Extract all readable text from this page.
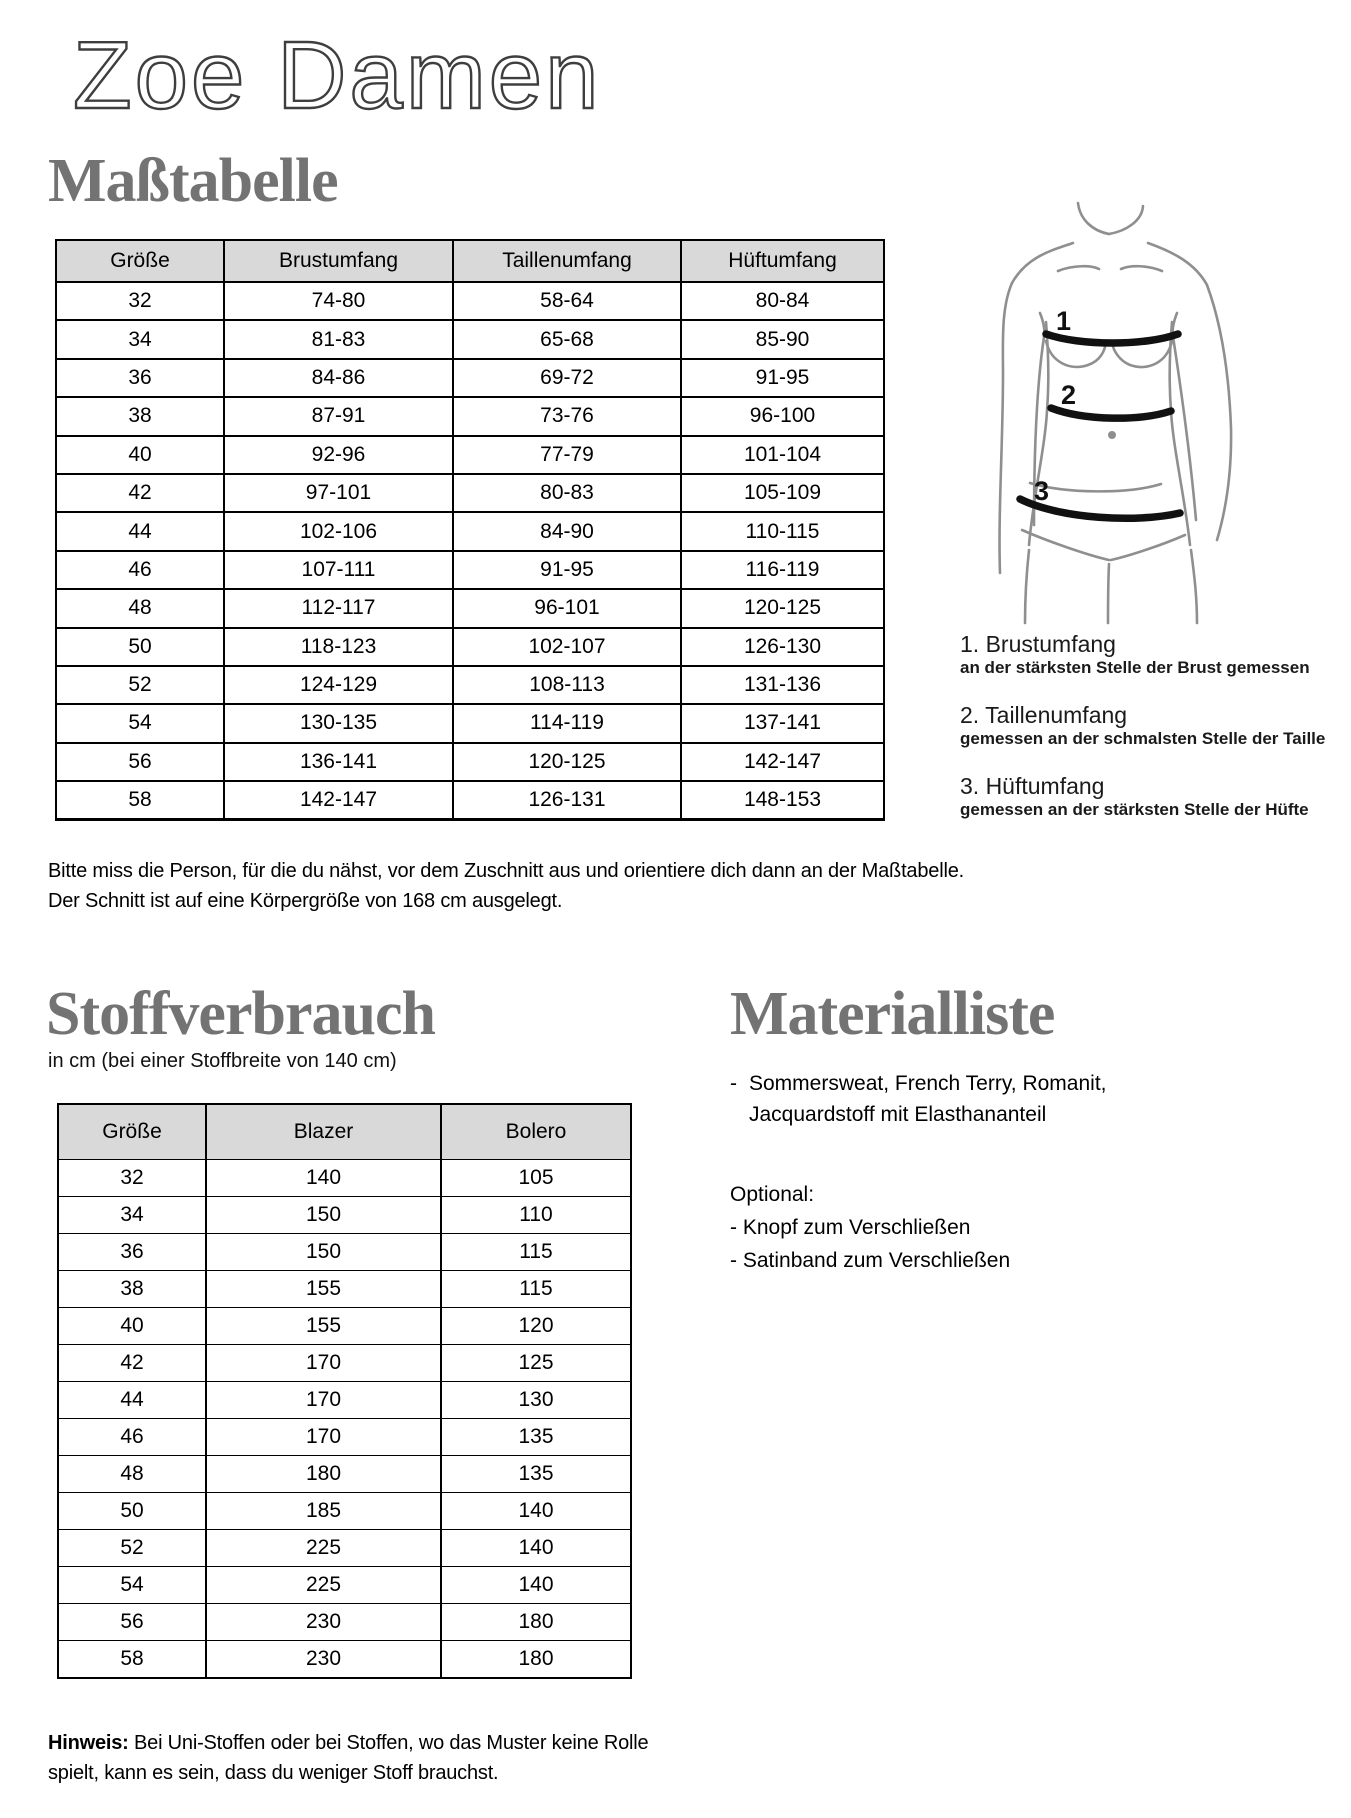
Zoe Damen
Maßtabelle
Größe	Brustumfang	Taillenumfang	Hüftumfang
32	74-80	58-64	80-84
34	81-83	65-68	85-90
36	84-86	69-72	91-95
38	87-91	73-76	96-100
40	92-96	77-79	101-104
42	97-101	80-83	105-109
44	102-106	84-90	110-115
46	107-111	91-95	116-119
48	112-117	96-101	120-125
50	118-123	102-107	126-130
52	124-129	108-113	131-136
54	130-135	114-119	137-141
56	136-141	120-125	142-147
58	142-147	126-131	148-153
1
2
3
1. Brustumfang
an der stärksten Stelle der Brust gemessen
2. Taillenumfang
gemessen an der schmalsten Stelle der Taille
3. Hüftumfang
gemessen an der stärksten Stelle der Hüfte
Bitte miss die Person, für die du nähst, vor dem Zuschnitt aus und orientiere dich dann an der Maßtabelle.
Der Schnitt ist auf eine Körpergröße von 168 cm ausgelegt.
Stoffverbrauch
in cm (bei einer Stoffbreite von 140 cm)
Größe	Blazer	Bolero
32	140	105
34	150	110
36	150	115
38	155	115
40	155	120
42	170	125
44	170	130
46	170	135
48	180	135
50	185	140
52	225	140
54	225	140
56	230	180
58	230	180
Materialliste
- Sommersweat, French Terry, Romanit, Jacquardstoff mit Elasthananteil
Optional:
- Knopf zum Verschließen
- Satinband zum Verschließen
Hinweis: Bei Uni-Stoffen oder bei Stoffen, wo das Muster keine Rolle spielt, kann es sein, dass du weniger Stoff brauchst.
